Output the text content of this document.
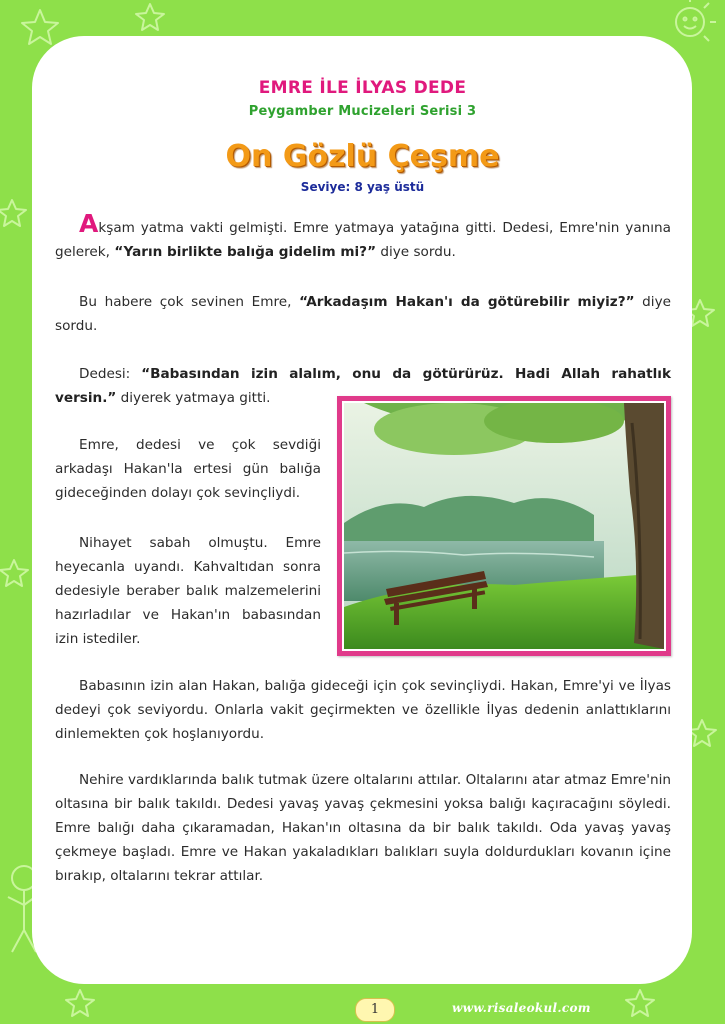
EMRE İLE İLYAS DEDE
Peygamber Mucizeleri Serisi 3
On Gözlü Çeşme
Seviye: 8 yaş üstü

Akşam yatma vakti gelmişti. Emre yatmaya yatağına gitti. Dedesi, Emre'nin yanına gelerek, “Yarın birlikte balığa gidelim mi?” diye sordu.

Bu habere çok sevinen Emre, “Arkadaşım Hakan'ı da götürebilir miyiz?” diye sordu.

Dedesi: “Babasından izin alalım, onu da götürürüz. Hadi Allah rahatlık versin.” diyerek yatmaya gitti.

Emre, dedesi ve çok sevdiği arkadaşı Hakan'la ertesi gün balığa gideceğinden dolayı çok sevinçliydi.

Nihayet sabah olmuştu. Emre heyecanla uyandı. Kahvaltıdan sonra dedesiyle beraber balık malzemelerini hazırladılar ve Hakan'ın babasından izin istediler.

Babasının izin alan Hakan, balığa gideceği için çok sevinçliydi. Hakan, Emre'yi ve İlyas dedeyi çok seviyordu. Onlarla vakit geçirmekten ve özellikle İlyas dedenin anlattıklarını dinlemekten çok hoşlanıyordu.

Nehire vardıklarında balık tutmak üzere oltalarını attılar. Oltalarını atar atmaz Emre'nin oltasına bir balık takıldı. Dedesi yavaş yavaş çekmesini yoksa balığı kaçıracağını söyledi. Emre balığı daha çıkaramadan, Hakan'ın oltasına da bir balık takıldı. Oda yavaş yavaş çekmeye başladı. Emre ve Hakan yakaladıkları balıkları suyla doldurdukları kovanın içine bırakıp, oltalarını tekrar attılar.

1	www.risaleokul.com
